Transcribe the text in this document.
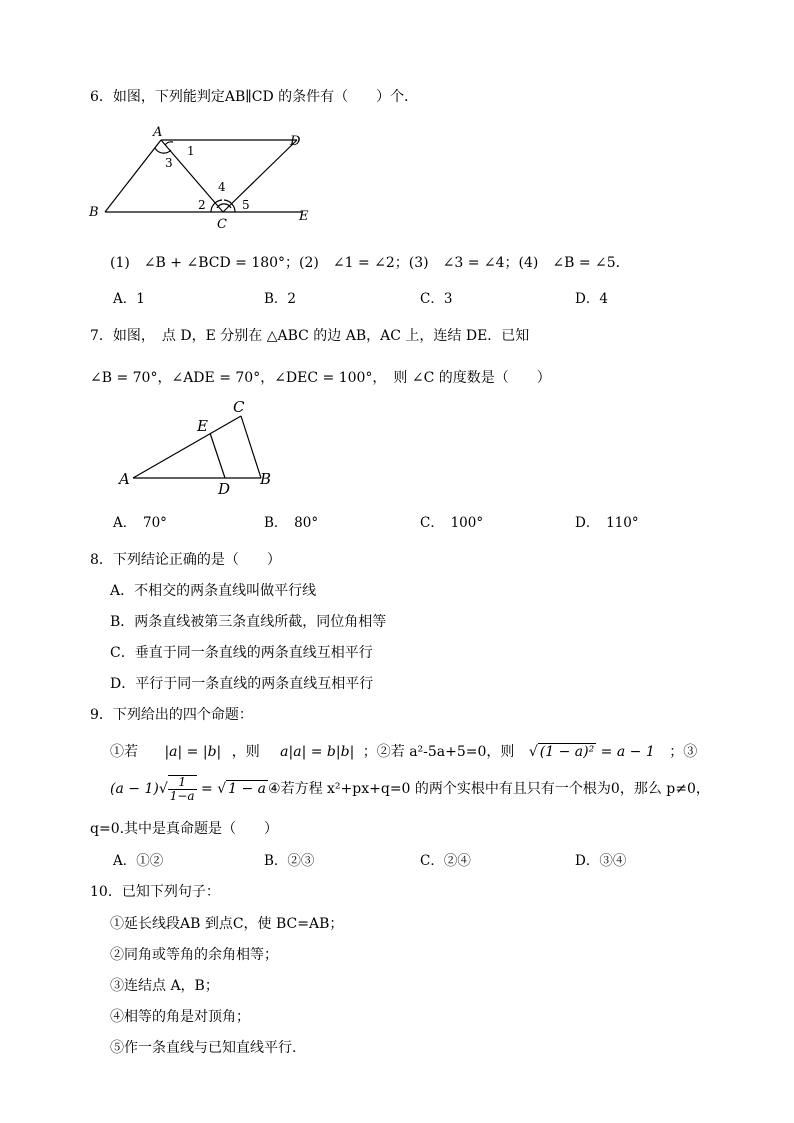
6．如图，下列能判定AB∥CD 的条件有（　　）个．
A
B
C
D
E
1
2
3
4
5
(1)　∠B + ∠BCD = 180°；(2)　∠1 = ∠2；(3)　∠3 = ∠4；(4)　∠B = ∠5．
A．1	B．2	C．3	D．4
7．如图，　点 D，E 分别在 △ABC 的边 AB，AC 上，连结 DE．已知
∠B = 70°，∠ADE = 70°，∠DEC = 100°，　则 ∠C 的度数是（　　）
A	B
C
D
E
A．　70°	B．　80°	C．　100°	D．　110°
8．下列结论正确的是（　　）
A．不相交的两条直线叫做平行线
B．两条直线被第三条直线所截，同位角相等
C．垂直于同一条直线的两条直线互相平行
D．平行于同一条直线的两条直线互相平行
9．下列给出的四个命题：
①若 |a| = |b| ，则 a|a| = b|b| ；②若 a²-5a+5=0，则 √ (1 − a)² = a − 1 ；③
$(a - 1)√ \frac{1}{1-a}$ = √ 1 − a ④若方程 x²+px+q=0 的两个实根中有且只有一个根为0，那么 p≠0，
q=0.其中是真命题是（　　）
A．①②	B．②③	C．②④	D．③④
10．已知下列句子：
①延长线段AB 到点C，使 BC=AB；
②同角或等角的余角相等；
③连结点 A，B；
④相等的角是对顶角；
⑤作一条直线与已知直线平行.
